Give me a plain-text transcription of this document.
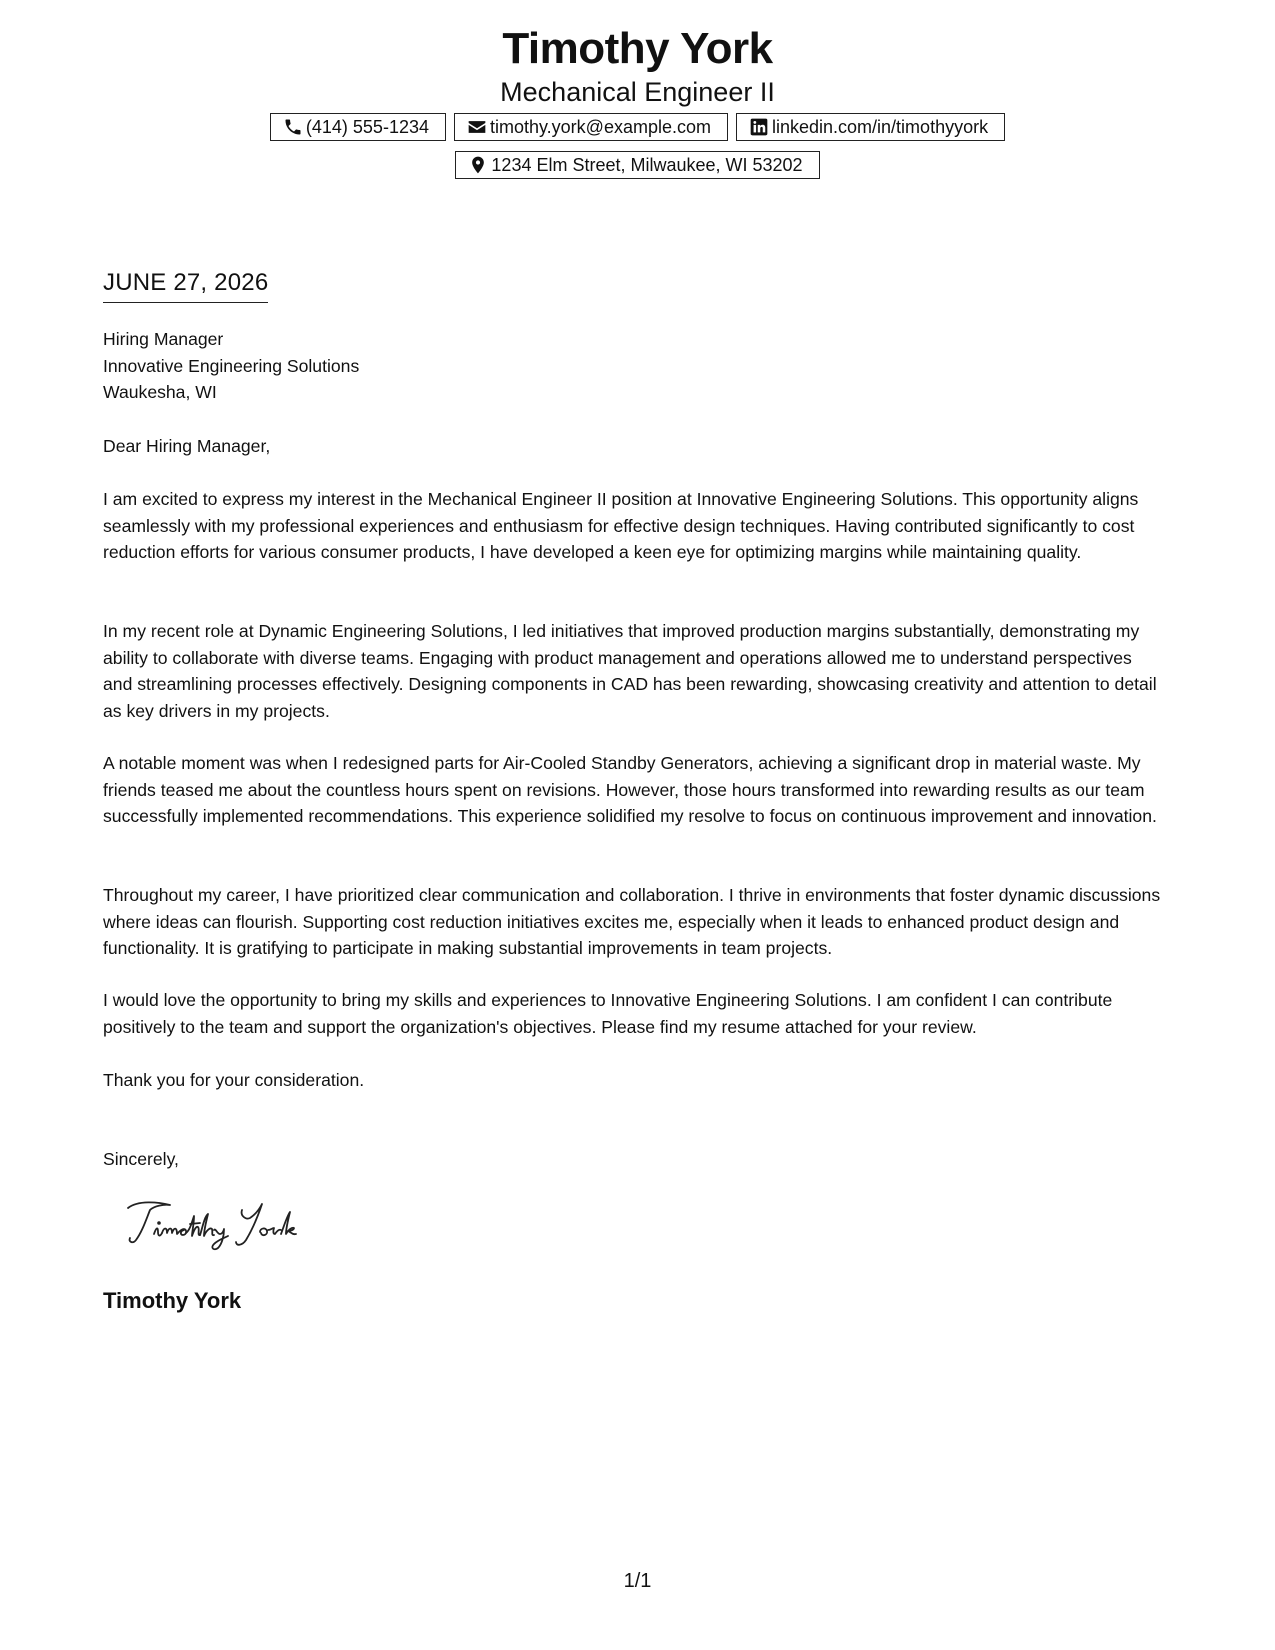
Timothy York
Mechanical Engineer II
(414) 555-1234	timothy.york@example.com	linkedin.com/in/timothyyork
1234 Elm Street, Milwaukee, WI 53202
JUNE 27, 2026
Hiring Manager
Innovative Engineering Solutions
Waukesha, WI
Dear Hiring Manager,

I am excited to express my interest in the Mechanical Engineer II position at Innovative Engineering Solutions. This opportunity aligns seamlessly with my professional experiences and enthusiasm for effective design techniques. Having contributed significantly to cost reduction efforts for various consumer products, I have developed a keen eye for optimizing margins while maintaining quality.

In my recent role at Dynamic Engineering Solutions, I led initiatives that improved production margins substantially, demonstrating my ability to collaborate with diverse teams. Engaging with product management and operations allowed me to understand perspectives and streamlining processes effectively. Designing components in CAD has been rewarding, showcasing creativity and attention to detail as key drivers in my projects.

A notable moment was when I redesigned parts for Air-Cooled Standby Generators, achieving a significant drop in material waste. My friends teased me about the countless hours spent on revisions. However, those hours transformed into rewarding results as our team successfully implemented recommendations. This experience solidified my resolve to focus on continuous improvement and innovation.

Throughout my career, I have prioritized clear communication and collaboration. I thrive in environments that foster dynamic discussions where ideas can flourish. Supporting cost reduction initiatives excites me, especially when it leads to enhanced product design and functionality. It is gratifying to participate in making substantial improvements in team projects.

I would love the opportunity to bring my skills and experiences to Innovative Engineering Solutions. I am confident I can contribute positively to the team and support the organization's objectives. Please find my resume attached for your review.

Thank you for your consideration.

Sincerely,
Timothy York
1/1
